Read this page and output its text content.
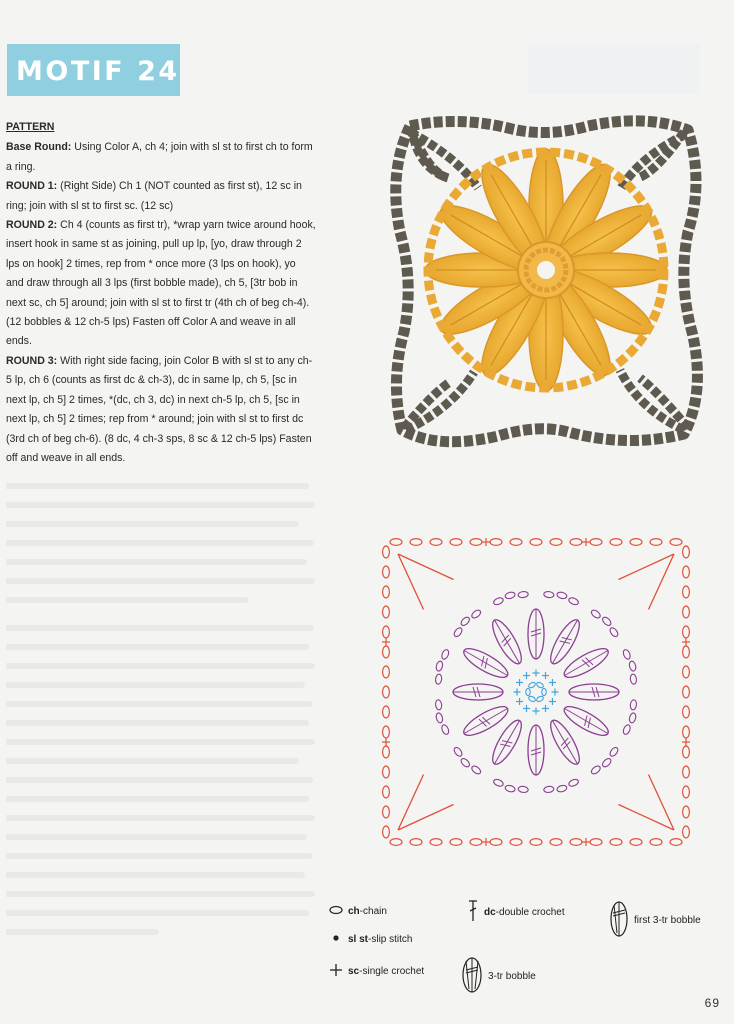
MOTIF 24
PATTERN

Base Round: Using Color A, ch 4; join with sl st to first ch to form a ring.

ROUND 1: (Right Side) Ch 1 (NOT counted as first st), 12 sc in ring; join with sl st to first sc. (12 sc)

ROUND 2: Ch 4 (counts as first tr), *wrap yarn twice around hook, insert hook in same st as joining, pull up lp, [yo, draw through 2 lps on hook] 2 times, rep from * once more (3 lps on hook), yo and draw through all 3 lps (first bobble made), ch 5, [3tr bob in next sc, ch 5] around; join with sl st to first tr (4th ch of beg ch-4). (12 bobbles & 12 ch-5 lps) Fasten off Color A and weave in all ends.

ROUND 3: With right side facing, join Color B with sl st to any ch-5 lp, ch 6 (counts as first dc & ch-3), dc in same lp, ch 5, [sc in next lp, ch 5] 2 times, *(dc, ch 3, dc) in next ch-5 lp, ch 5, [sc in next lp, ch 5] 2 times; rep from * around; join with sl st to first dc (3rd ch of beg ch-6). (8 dc, 4 ch-3 sps, 8 sc & 12 ch-5 lps) Fasten off and weave in all ends.

ch - chain
sl st - slip stitch
sc - single crochet
dc - double crochet
3-tr bobble
first 3-tr bobble
69
